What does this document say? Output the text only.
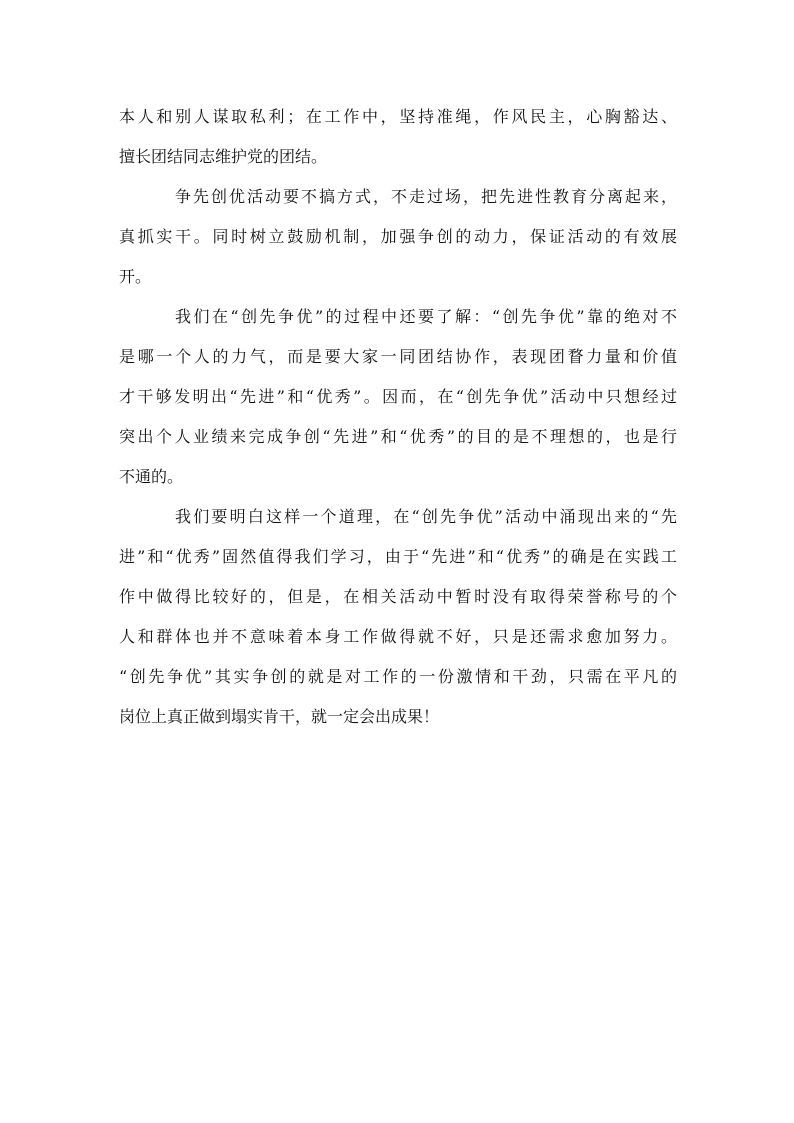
本人和别人谋取私利；在工作中，坚持准绳，作风民主，心胸豁达、
擅长团结同志维护党的团结。
争先创优活动要不搞方式，不走过场，把先进性教育分离起来，
真抓实干。同时树立鼓励机制，加强争创的动力，保证活动的有效展
开。
我们在“创先争优”的过程中还要了解：“创先争优”靠的绝对不
是哪一个人的力气，而是要大家一同团结协作，表现团瞀力量和价值
才干够发明出“先进”和“优秀”。因而，在“创先争优”活动中只想经过
突出个人业绩来完成争创“先进”和“优秀”的目的是不理想的，也是行
不通的。
我们要明白这样一个道理，在“创先争优”活动中涌现出来的“先
进”和“优秀”固然值得我们学习，由于“先进”和“优秀”的确是在实践工
作中做得比较好的，但是，在相关活动中暂时没有取得荣誉称号的个
人和群体也并不意味着本身工作做得就不好，只是还需求愈加努力。
“创先争优”其实争创的就是对工作的一份激情和干劲，只需在平凡的
岗位上真正做到塌实肯干，就一定会出成果！
